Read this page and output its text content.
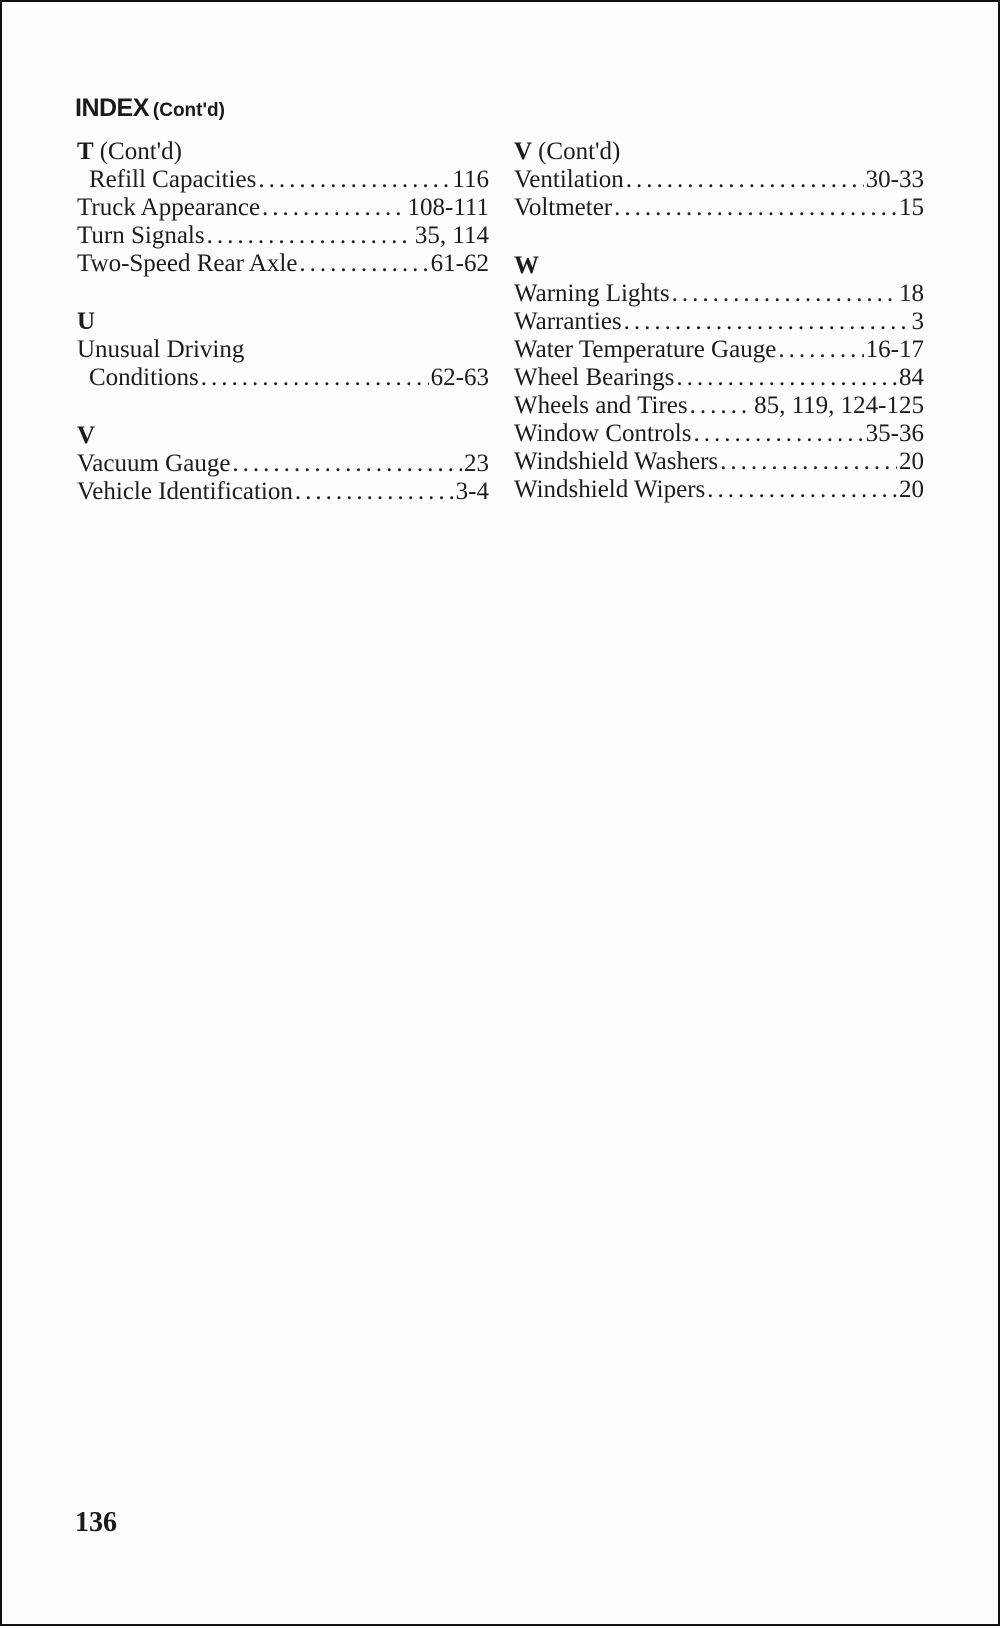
INDEX (Cont'd)
T (Cont'd)
Refill Capacities .....	116
Truck Appearance .....	108-111
Turn Signals .....	35, 114
Two-Speed Rear Axle .....	61-62
U
Unusual Driving
Conditions .....	62-63
V
Vacuum Gauge .....	23
Vehicle Identification .....	3-4
V (Cont'd)
Ventilation .....	30-33
Voltmeter .....	15
W
Warning Lights .....	18
Warranties .....	3
Water Temperature Gauge .....	16-17
Wheel Bearings .....	84
Wheels and Tires .....	85, 119, 124-125
Window Controls .....	35-36
Windshield Washers .....	20
Windshield Wipers .....	20
136
